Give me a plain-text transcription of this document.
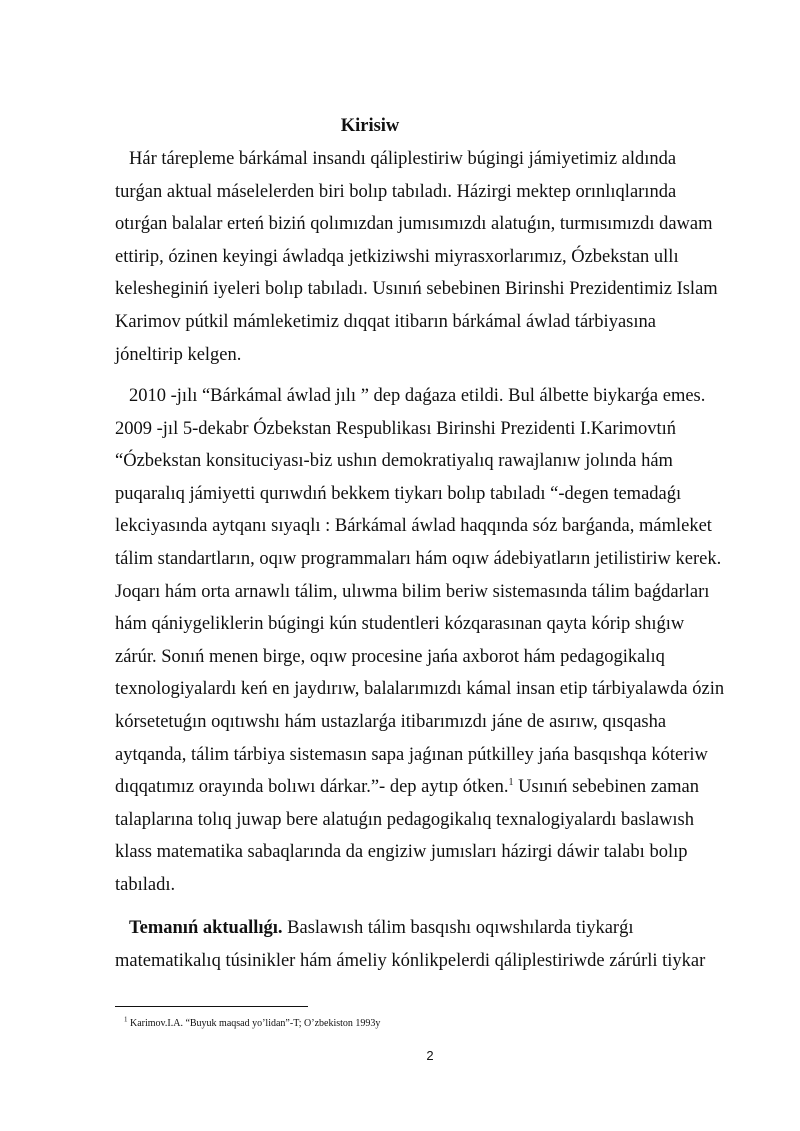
Kirisiw

Hár tárepleme bárkámal insandı qáliplestiriw búgingi jámiyetimiz aldında turǵan aktual máselelerden biri bolıp tabıladı. Házirgi mektep orınlıqlarında otırǵan balalar erteń biziń qolımızdan jumısımızdı alatuǵın, turmısımızdı dawam ettirip, ózinen keyingi áwladqa jetkiziwshi miyrasxorlarımız, Ózbekstan ullı kelesheginiń iyeleri bolıp tabıladı. Usınıń sebebinen Birinshi Prezidentimiz Islam Karimov pútkil mámleketimiz dıqqat itibarın bárkámal áwlad tárbiyasına jóneltirip kelgen.

2010 -jılı “Bárkámal áwlad jılı ” dep daǵaza etildi. Bul álbette biykarǵa emes. 2009 -jıl 5-dekabr Ózbekstan Respublikası Birinshi Prezidenti I.Karimovtıń “Ózbekstan konsituciyası-biz ushın demokratiyalıq rawajlanıw jolında hám puqaralıq jámiyetti qurıwdıń bekkem tiykarı bolıp tabıladı “-degen temadaǵı lekciyasında aytqanı sıyaqlı : Bárkámal áwlad haqqında sóz barǵanda, mámleket tálim standartların, oqıw programmaları hám oqıw ádebiyatların jetilistiriw kerek. Joqarı hám orta arnawlı tálim, ulıwma bilim beriw sistemasında tálim baǵdarları hám qániygeliklerin búgingi kún studentleri kózqarasınan qayta kórip shıǵıw zárúr. Sonıń menen birge, oqıw procesine jańa axborot hám pedagogikalıq texnologiyalardı keń en jaydırıw, balalarımızdı kámal insan etip tárbiyalawda ózin kórsetetuǵın oqıtıwshı hám ustazlarǵa itibarımızdı jáne de asırıw, qısqasha aytqanda, tálim tárbiya sistemasın sapa jaǵınan pútkilley jańa basqıshqa kóteriw dıqqatımız orayında bolıwı dárkar.”- dep aytıp ótken.$^1$ Usınıń sebebinen zaman talaplarına tolıq juwap bere alatuǵın pedagogikalıq texnalogiyalardı baslawısh klass matematika sabaqlarında da engiziw jumısları házirgi dáwir talabı bolıp tabıladı.

Temanıń aktuallıǵı. Baslawısh tálim basqıshı oqıwshılarda tiykarǵı matematikalıq túsinikler hám ámeliy kónlikpelerdi qáliplestiriwde zárúrli tiykar

$^1$ Karimov.I.A. “Buyuk maqsad yo’lidan”-T; O’zbekiston 1993y
2
